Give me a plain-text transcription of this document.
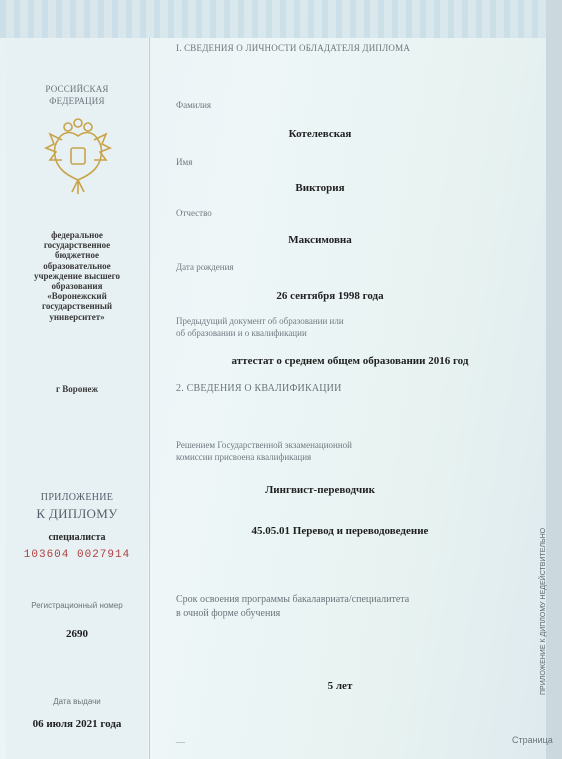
РОССИЙСКАЯ
ФЕДЕРАЦИЯ
федеральное
государственное
бюджетное
образовательное
учреждение высшего
образования
«Воронежский
государственный
университет»
г Воронеж
ПРИЛОЖЕНИЕ
К ДИПЛОМУ
специалиста
103604 0027914
Регистрационный номер
2690
Дата выдачи
06 июля 2021 года
I. СВЕДЕНИЯ О ЛИЧНОСТИ ОБЛАДАТЕЛЯ ДИПЛОМА
Фамилия
Котелевская
Имя
Виктория
Отчество
Максимовна
Дата рождения
26 сентября 1998 года
Предыдущий документ об образовании или
об образовании и о квалификации
аттестат о среднем общем образовании 2016 год
2. СВЕДЕНИЯ О КВАЛИФИКАЦИИ
Решением Государственной экзаменационной
комиссии присвоена квалификация
Лингвист-переводчик
45.05.01 Перевод и переводоведение
Срок освоения программы бакалавриата/специалитета
в очной форме обучения
5 лет
—	Страница
ПРИЛОЖЕНИЕ К ДИПЛОМУ НЕДЕЙСТВИТЕЛЬНО
